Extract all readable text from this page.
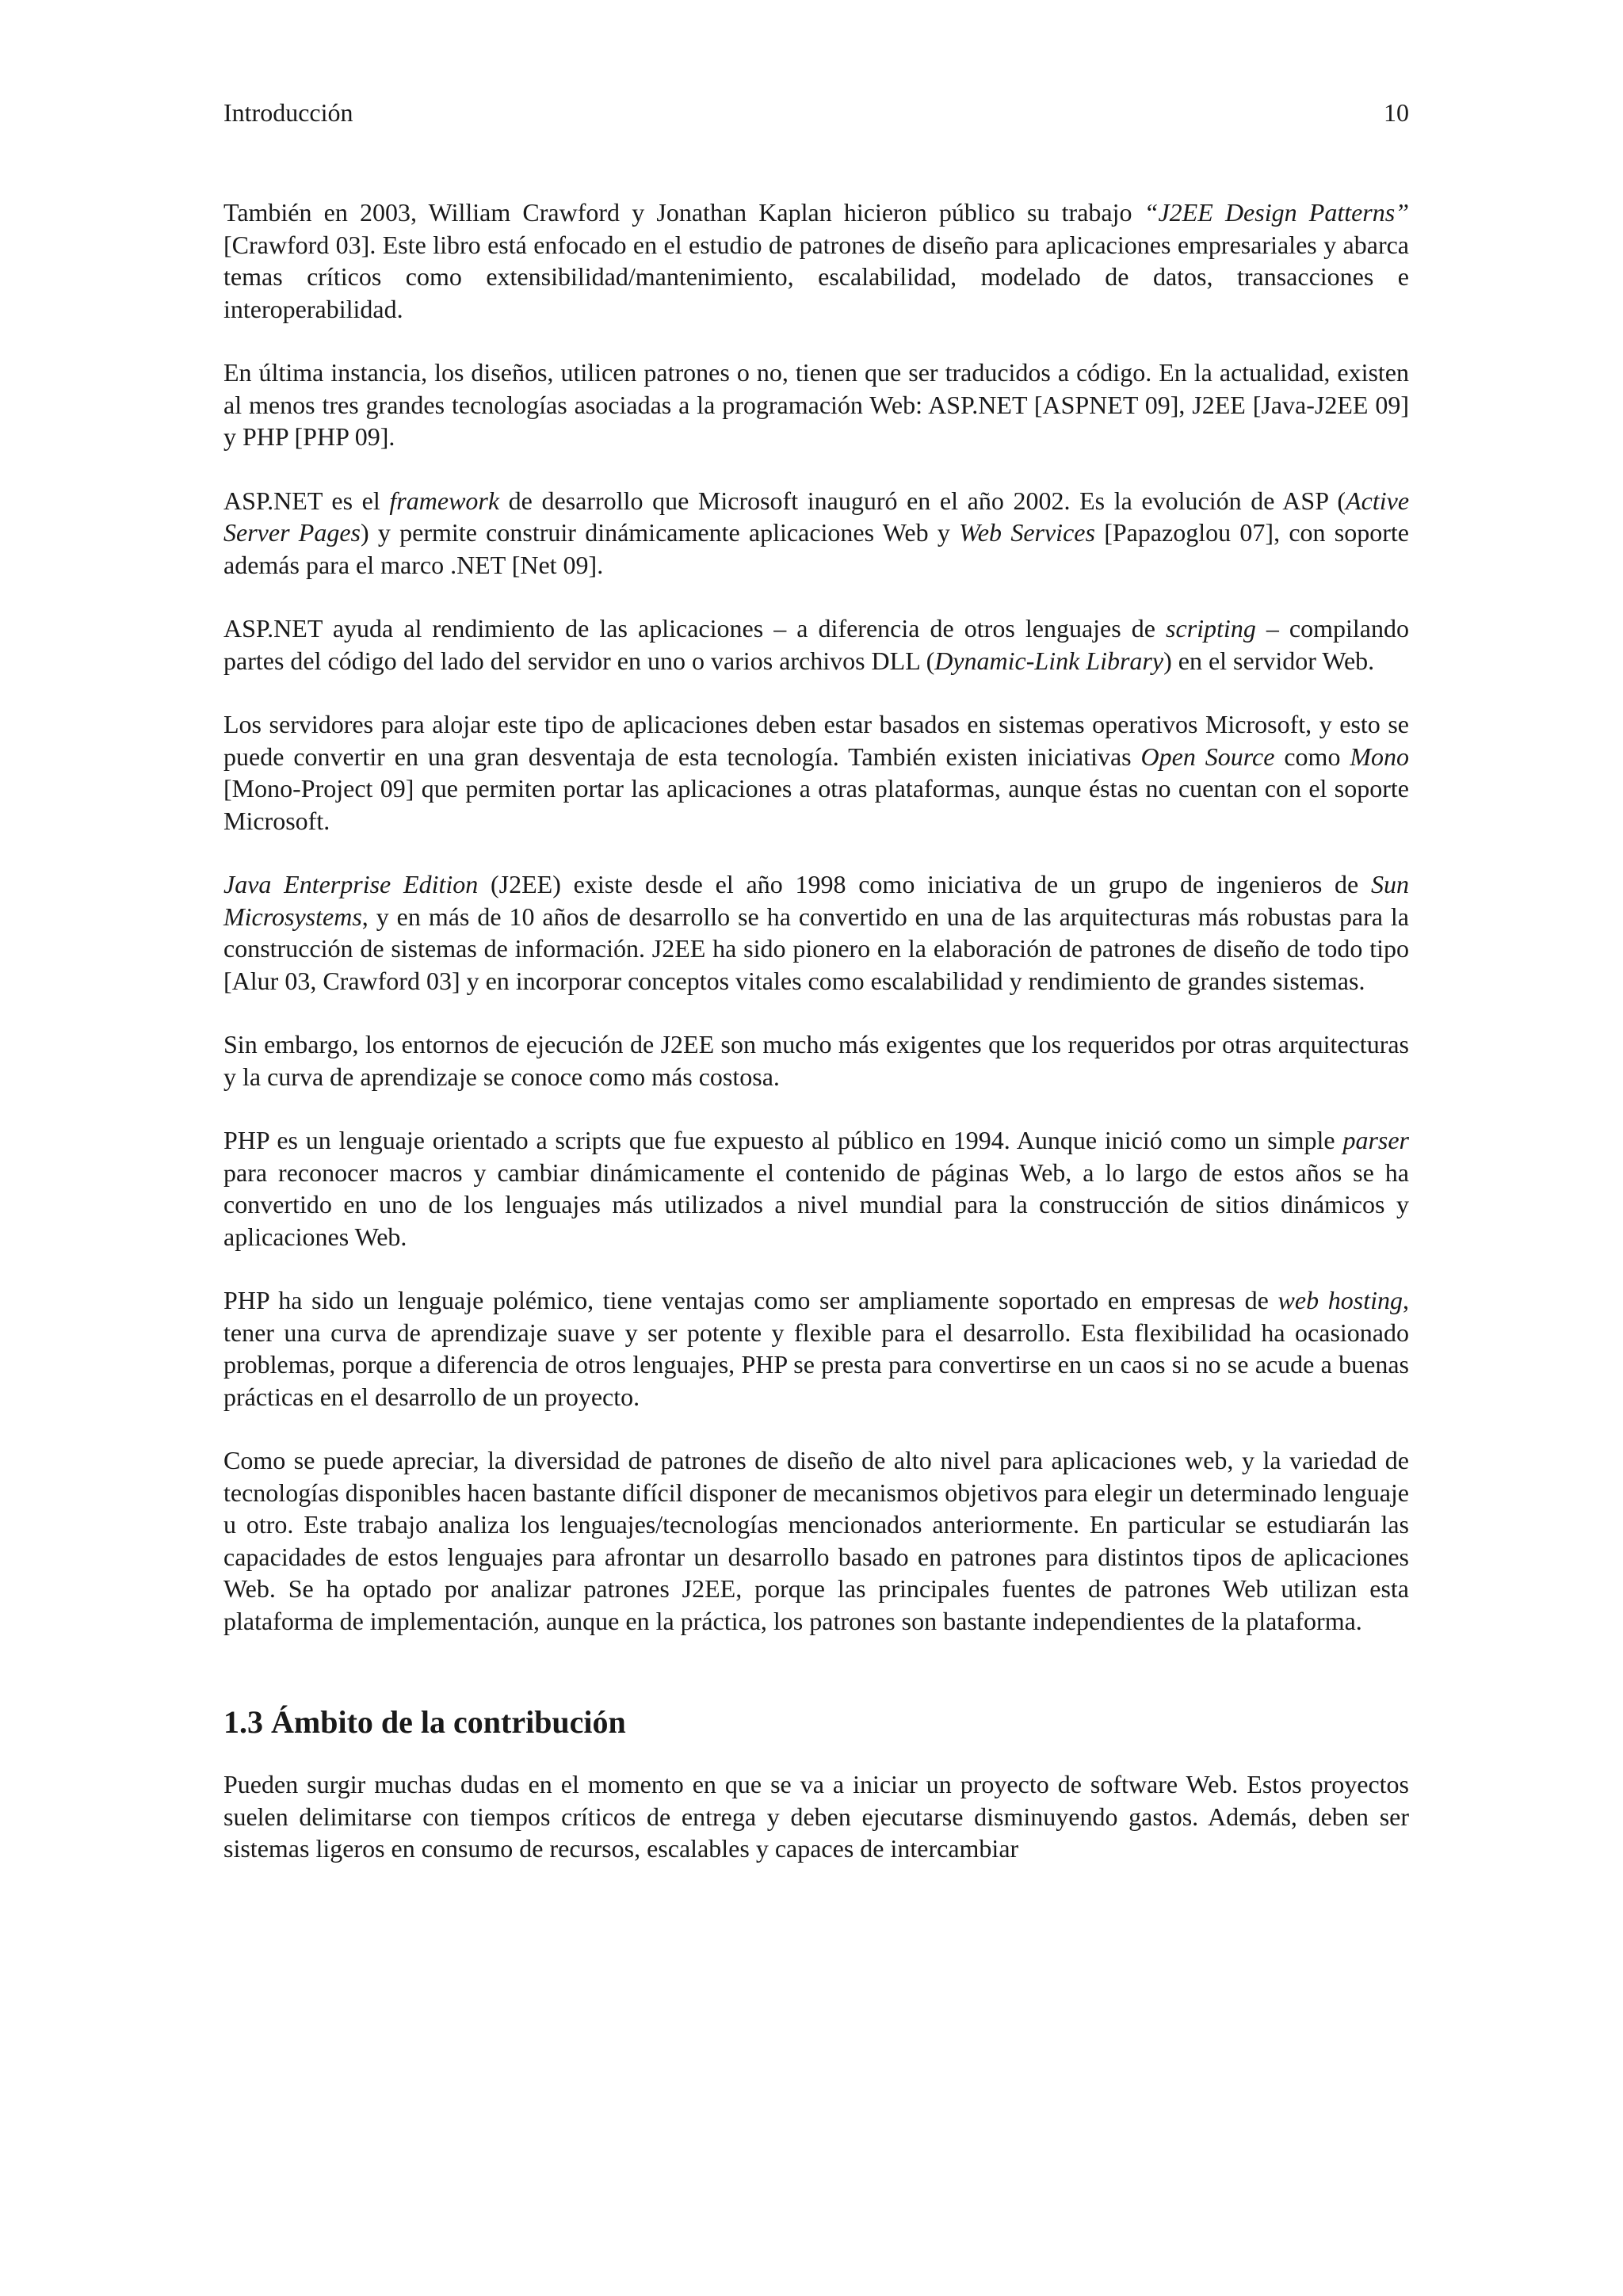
Introducción	10

También en 2003, William Crawford y Jonathan Kaplan hicieron público su trabajo “J2EE Design Patterns” [Crawford 03]. Este libro está enfocado en el estudio de patrones de diseño para aplicaciones empresariales y abarca temas críticos como extensibilidad/mantenimiento, escalabilidad, modelado de datos, transacciones e interoperabilidad.

En última instancia, los diseños, utilicen patrones o no, tienen que ser traducidos a código. En la actualidad, existen al menos tres grandes tecnologías asociadas a la programación Web: ASP.NET [ASPNET 09], J2EE [Java-J2EE 09] y PHP [PHP 09].

ASP.NET es el framework de desarrollo que Microsoft inauguró en el año 2002. Es la evolución de ASP (Active Server Pages) y permite construir dinámicamente aplicaciones Web y Web Services [Papazoglou 07], con soporte además para el marco .NET [Net 09].

ASP.NET ayuda al rendimiento de las aplicaciones – a diferencia de otros lenguajes de scripting – compilando partes del código del lado del servidor en uno o varios archivos DLL (Dynamic-Link Library) en el servidor Web.

Los servidores para alojar este tipo de aplicaciones deben estar basados en sistemas operativos Microsoft, y esto se puede convertir en una gran desventaja de esta tecnología. También existen iniciativas Open Source como Mono [Mono-Project 09] que permiten portar las aplicaciones a otras plataformas, aunque éstas no cuentan con el soporte Microsoft.

Java Enterprise Edition (J2EE) existe desde el año 1998 como iniciativa de un grupo de ingenieros de Sun Microsystems, y en más de 10 años de desarrollo se ha convertido en una de las arquitecturas más robustas para la construcción de sistemas de información. J2EE ha sido pionero en la elaboración de patrones de diseño de todo tipo [Alur 03, Crawford 03] y en incorporar conceptos vitales como escalabilidad y rendimiento de grandes sistemas.

Sin embargo, los entornos de ejecución de J2EE son mucho más exigentes que los requeridos por otras arquitecturas y la curva de aprendizaje se conoce como más costosa.

PHP es un lenguaje orientado a scripts que fue expuesto al público en 1994. Aunque inició como un simple parser para reconocer macros y cambiar dinámicamente el contenido de páginas Web, a lo largo de estos años se ha convertido en uno de los lenguajes más utilizados a nivel mundial para la construcción de sitios dinámicos y aplicaciones Web.

PHP ha sido un lenguaje polémico, tiene ventajas como ser ampliamente soportado en empresas de web hosting, tener una curva de aprendizaje suave y ser potente y flexible para el desarrollo. Esta flexibilidad ha ocasionado problemas, porque a diferencia de otros lenguajes, PHP se presta para convertirse en un caos si no se acude a buenas prácticas en el desarrollo de un proyecto.

Como se puede apreciar, la diversidad de patrones de diseño de alto nivel para aplicaciones web, y la variedad de tecnologías disponibles hacen bastante difícil disponer de mecanismos objetivos para elegir un determinado lenguaje u otro. Este trabajo analiza los lenguajes/tecnologías mencionados anteriormente. En particular se estudiarán las capacidades de estos lenguajes para afrontar un desarrollo basado en patrones para distintos tipos de aplicaciones Web. Se ha optado por analizar patrones J2EE, porque las principales fuentes de patrones Web utilizan esta plataforma de implementación, aunque en la práctica, los patrones son bastante independientes de la plataforma.

1.3 Ámbito de la contribución

Pueden surgir muchas dudas en el momento en que se va a iniciar un proyecto de software Web. Estos proyectos suelen delimitarse con tiempos críticos de entrega y deben ejecutarse disminuyendo gastos. Además, deben ser sistemas ligeros en consumo de recursos, escalables y capaces de intercambiar
